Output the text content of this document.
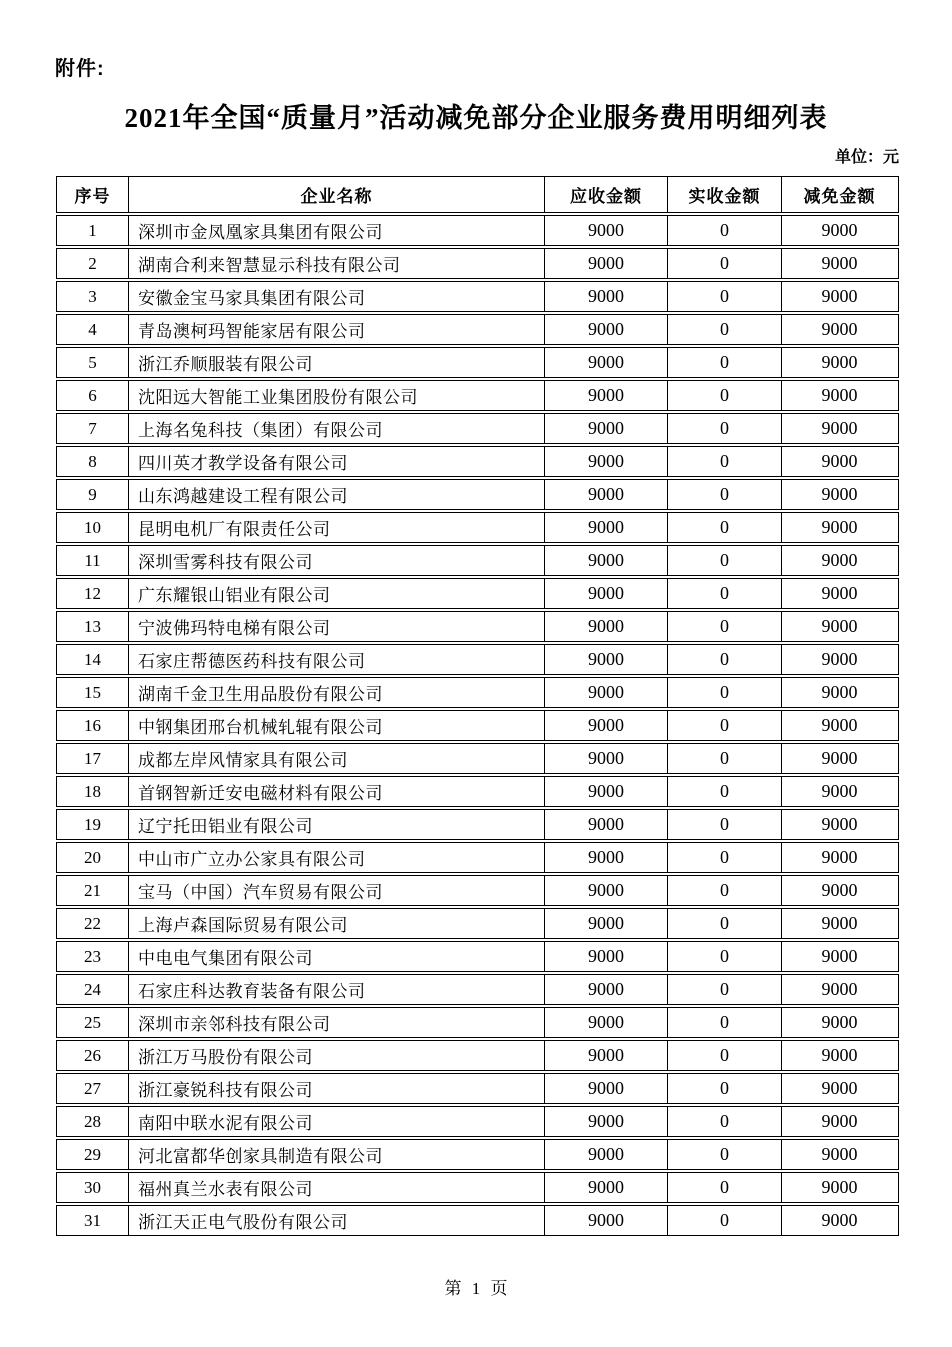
附件:
2021年全国“质量月”活动减免部分企业服务费用明细列表
单位：元
序号	企业名称	应收金额	实收金额	减免金额
1	深圳市金凤凰家具集团有限公司	9000	0	9000
2	湖南合利来智慧显示科技有限公司	9000	0	9000
3	安徽金宝马家具集团有限公司	9000	0	9000
4	青岛澳柯玛智能家居有限公司	9000	0	9000
5	浙江乔顺服装有限公司	9000	0	9000
6	沈阳远大智能工业集团股份有限公司	9000	0	9000
7	上海名兔科技（集团）有限公司	9000	0	9000
8	四川英才教学设备有限公司	9000	0	9000
9	山东鸿越建设工程有限公司	9000	0	9000
10	昆明电机厂有限责任公司	9000	0	9000
11	深圳雪雾科技有限公司	9000	0	9000
12	广东耀银山铝业有限公司	9000	0	9000
13	宁波佛玛特电梯有限公司	9000	0	9000
14	石家庄帮德医药科技有限公司	9000	0	9000
15	湖南千金卫生用品股份有限公司	9000	0	9000
16	中钢集团邢台机械轧辊有限公司	9000	0	9000
17	成都左岸风情家具有限公司	9000	0	9000
18	首钢智新迁安电磁材料有限公司	9000	0	9000
19	辽宁托田铝业有限公司	9000	0	9000
20	中山市广立办公家具有限公司	9000	0	9000
21	宝马（中国）汽车贸易有限公司	9000	0	9000
22	上海卢森国际贸易有限公司	9000	0	9000
23	中电电气集团有限公司	9000	0	9000
24	石家庄科达教育装备有限公司	9000	0	9000
25	深圳市亲邻科技有限公司	9000	0	9000
26	浙江万马股份有限公司	9000	0	9000
27	浙江豪锐科技有限公司	9000	0	9000
28	南阳中联水泥有限公司	9000	0	9000
29	河北富都华创家具制造有限公司	9000	0	9000
30	福州真兰水表有限公司	9000	0	9000
31	浙江天正电气股份有限公司	9000	0	9000
第 1 页
